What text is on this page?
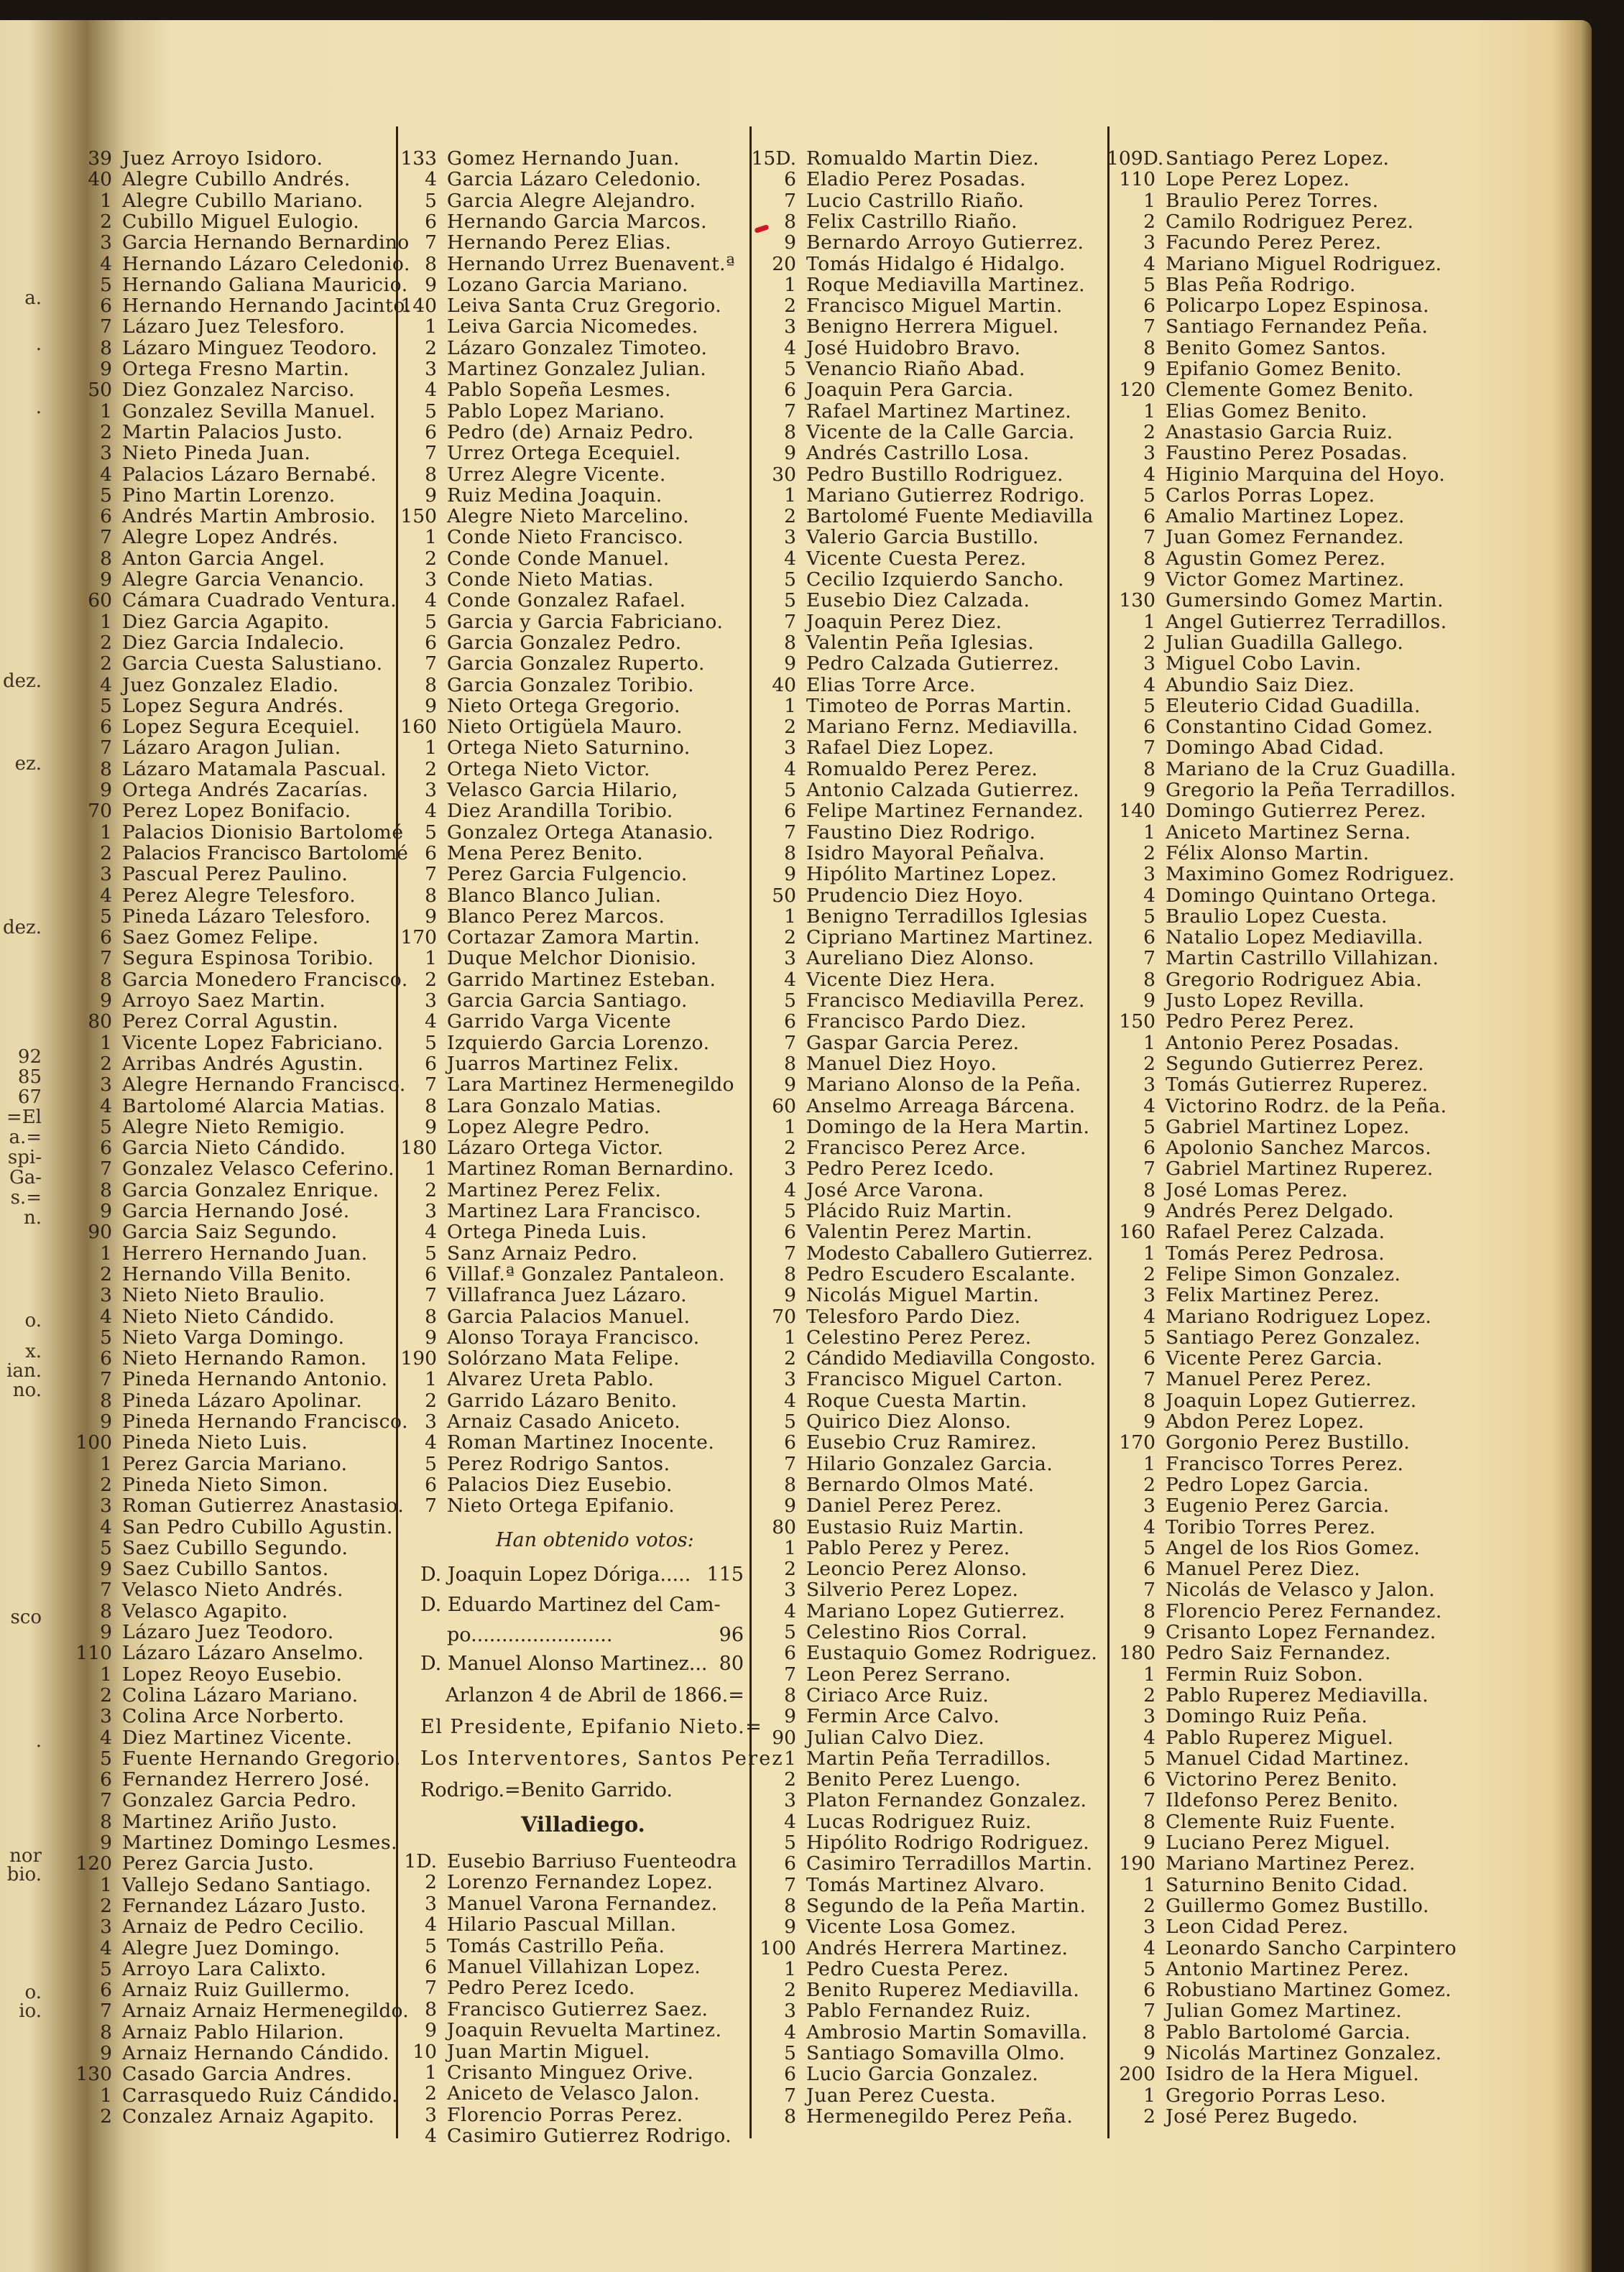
a.
.
.
dez.
ez.
dez.
92
85
67
=El
a.=
spi-
Ga-
s.=
n.
o.
x.
ian.
no.
sco
.
nor
bio.
o.
io.
39 Juez Arroyo Isidoro.
40 Alegre Cubillo Andrés.
1 Alegre Cubillo Mariano.
2 Cubillo Miguel Eulogio.
3 Garcia Hernando Bernardino
4 Hernando Lázaro Celedonio.
5 Hernando Galiana Mauricio.
6 Hernando Hernando Jacinto.
7 Lázaro Juez Telesforo.
8 Lázaro Minguez Teodoro.
9 Ortega Fresno Martin.
50 Diez Gonzalez Narciso.
1 Gonzalez Sevilla Manuel.
2 Martin Palacios Justo.
3 Nieto Pineda Juan.
4 Palacios Lázaro Bernabé.
5 Pino Martin Lorenzo.
6 Andrés Martin Ambrosio.
7 Alegre Lopez Andrés.
8 Anton Garcia Angel.
9 Alegre Garcia Venancio.
60 Cámara Cuadrado Ventura.
1 Diez Garcia Agapito.
2 Diez Garcia Indalecio.
2 Garcia Cuesta Salustiano.
4 Juez Gonzalez Eladio.
5 Lopez Segura Andrés.
6 Lopez Segura Ecequiel.
7 Lázaro Aragon Julian.
8 Lázaro Matamala Pascual.
9 Ortega Andrés Zacarías.
70 Perez Lopez Bonifacio.
1 Palacios Dionisio Bartolomé
2 Palacios Francisco Bartolomé
3 Pascual Perez Paulino.
4 Perez Alegre Telesforo.
5 Pineda Lázaro Telesforo.
6 Saez Gomez Felipe.
7 Segura Espinosa Toribio.
8 Garcia Monedero Francisco.
9 Arroyo Saez Martin.
80 Perez Corral Agustin.
1 Vicente Lopez Fabriciano.
2 Arribas Andrés Agustin.
3 Alegre Hernando Francisco.
4 Bartolomé Alarcia Matias.
5 Alegre Nieto Remigio.
6 Garcia Nieto Cándido.
7 Gonzalez Velasco Ceferino.
8 Garcia Gonzalez Enrique.
9 Garcia Hernando José.
90 Garcia Saiz Segundo.
1 Herrero Hernando Juan.
2 Hernando Villa Benito.
3 Nieto Nieto Braulio.
4 Nieto Nieto Cándido.
5 Nieto Varga Domingo.
6 Nieto Hernando Ramon.
7 Pineda Hernando Antonio.
8 Pineda Lázaro Apolinar.
9 Pineda Hernando Francisco.
100 Pineda Nieto Luis.
1 Perez Garcia Mariano.
2 Pineda Nieto Simon.
3 Roman Gutierrez Anastasio.
4 San Pedro Cubillo Agustin.
5 Saez Cubillo Segundo.
9 Saez Cubillo Santos.
7 Velasco Nieto Andrés.
8 Velasco Agapito.
9 Lázaro Juez Teodoro.
110 Lázaro Lázaro Anselmo.
1 Lopez Reoyo Eusebio.
2 Colina Lázaro Mariano.
3 Colina Arce Norberto.
4 Diez Martinez Vicente.
5 Fuente Hernando Gregorio.
6 Fernandez Herrero José.
7 Gonzalez Garcia Pedro.
8 Martinez Ariño Justo.
9 Martinez Domingo Lesmes.
120 Perez Garcia Justo.
1 Vallejo Sedano Santiago.
2 Fernandez Lázaro Justo.
3 Arnaiz de Pedro Cecilio.
4 Alegre Juez Domingo.
5 Arroyo Lara Calixto.
6 Arnaiz Ruiz Guillermo.
7 Arnaiz Arnaiz Hermenegildo.
8 Arnaiz Pablo Hilarion.
9 Arnaiz Hernando Cándido.
130 Casado Garcia Andres.
1 Carrasquedo Ruiz Cándido.
2 Conzalez Arnaiz Agapito.
133 Gomez Hernando Juan.
4 Garcia Lázaro Celedonio.
5 Garcia Alegre Alejandro.
6 Hernando Garcia Marcos.
7 Hernando Perez Elias.
8 Hernando Urrez Buenavent.ª
9 Lozano Garcia Mariano.
140 Leiva Santa Cruz Gregorio.
1 Leiva Garcia Nicomedes.
2 Lázaro Gonzalez Timoteo.
3 Martinez Gonzalez Julian.
4 Pablo Sopeña Lesmes.
5 Pablo Lopez Mariano.
6 Pedro (de) Arnaiz Pedro.
7 Urrez Ortega Ecequiel.
8 Urrez Alegre Vicente.
9 Ruiz Medina Joaquin.
150 Alegre Nieto Marcelino.
1 Conde Nieto Francisco.
2 Conde Conde Manuel.
3 Conde Nieto Matias.
4 Conde Gonzalez Rafael.
5 Garcia y Garcia Fabriciano.
6 Garcia Gonzalez Pedro.
7 Garcia Gonzalez Ruperto.
8 Garcia Gonzalez Toribio.
9 Nieto Ortega Gregorio.
160 Nieto Ortigüela Mauro.
1 Ortega Nieto Saturnino.
2 Ortega Nieto Victor.
3 Velasco Garcia Hilario,
4 Diez Arandilla Toribio.
5 Gonzalez Ortega Atanasio.
6 Mena Perez Benito.
7 Perez Garcia Fulgencio.
8 Blanco Blanco Julian.
9 Blanco Perez Marcos.
170 Cortazar Zamora Martin.
1 Duque Melchor Dionisio.
2 Garrido Martinez Esteban.
3 Garcia Garcia Santiago.
4 Garrido Varga Vicente
5 Izquierdo Garcia Lorenzo.
6 Juarros Martinez Felix.
7 Lara Martinez Hermenegildo
8 Lara Gonzalo Matias.
9 Lopez Alegre Pedro.
180 Lázaro Ortega Victor.
1 Martinez Roman Bernardino.
2 Martinez Perez Felix.
3 Martinez Lara Francisco.
4 Ortega Pineda Luis.
5 Sanz Arnaiz Pedro.
6 Villaf.ª Gonzalez Pantaleon.
7 Villafranca Juez Lázaro.
8 Garcia Palacios Manuel.
9 Alonso Toraya Francisco.
190 Solórzano Mata Felipe.
1 Alvarez Ureta Pablo.
2 Garrido Lázaro Benito.
3 Arnaiz Casado Aniceto.
4 Roman Martinez Inocente.
5 Perez Rodrigo Santos.
6 Palacios Diez Eusebio.
7 Nieto Ortega Epifanio.
15D. Romualdo Martin Diez.
6 Eladio Perez Posadas.
7 Lucio Castrillo Riaño.
8 Felix Castrillo Riaño.
9 Bernardo Arroyo Gutierrez.
20 Tomás Hidalgo é Hidalgo.
1 Roque Mediavilla Martinez.
2 Francisco Miguel Martin.
3 Benigno Herrera Miguel.
4 José Huidobro Bravo.
5 Venancio Riaño Abad.
6 Joaquin Pera Garcia.
7 Rafael Martinez Martinez.
8 Vicente de la Calle Garcia.
9 Andrés Castrillo Losa.
30 Pedro Bustillo Rodriguez.
1 Mariano Gutierrez Rodrigo.
2 Bartolomé Fuente Mediavilla
3 Valerio Garcia Bustillo.
4 Vicente Cuesta Perez.
5 Cecilio Izquierdo Sancho.
5 Eusebio Diez Calzada.
7 Joaquin Perez Diez.
8 Valentin Peña Iglesias.
9 Pedro Calzada Gutierrez.
40 Elias Torre Arce.
1 Timoteo de Porras Martin.
2 Mariano Fernz. Mediavilla.
3 Rafael Diez Lopez.
4 Romualdo Perez Perez.
5 Antonio Calzada Gutierrez.
6 Felipe Martinez Fernandez.
7 Faustino Diez Rodrigo.
8 Isidro Mayoral Peñalva.
9 Hipólito Martinez Lopez.
50 Prudencio Diez Hoyo.
1 Benigno Terradillos Iglesias
2 Cipriano Martinez Martinez.
3 Aureliano Diez Alonso.
4 Vicente Diez Hera.
5 Francisco Mediavilla Perez.
6 Francisco Pardo Diez.
7 Gaspar Garcia Perez.
8 Manuel Diez Hoyo.
9 Mariano Alonso de la Peña.
60 Anselmo Arreaga Bárcena.
1 Domingo de la Hera Martin.
2 Francisco Perez Arce.
3 Pedro Perez Icedo.
4 José Arce Varona.
5 Plácido Ruiz Martin.
6 Valentin Perez Martin.
7 Modesto Caballero Gutierrez.
8 Pedro Escudero Escalante.
9 Nicolás Miguel Martin.
70 Telesforo Pardo Diez.
1 Celestino Perez Perez.
2 Cándido Mediavilla Congosto.
3 Francisco Miguel Carton.
4 Roque Cuesta Martin.
5 Quirico Diez Alonso.
6 Eusebio Cruz Ramirez.
7 Hilario Gonzalez Garcia.
8 Bernardo Olmos Maté.
9 Daniel Perez Perez.
80 Eustasio Ruiz Martin.
1 Pablo Perez y Perez.
2 Leoncio Perez Alonso.
3 Silverio Perez Lopez.
4 Mariano Lopez Gutierrez.
5 Celestino Rios Corral.
6 Eustaquio Gomez Rodriguez.
7 Leon Perez Serrano.
8 Ciriaco Arce Ruiz.
9 Fermin Arce Calvo.
90 Julian Calvo Diez.
1 Martin Peña Terradillos.
2 Benito Perez Luengo.
3 Platon Fernandez Gonzalez.
4 Lucas Rodriguez Ruiz.
5 Hipólito Rodrigo Rodriguez.
6 Casimiro Terradillos Martin.
7 Tomás Martinez Alvaro.
8 Segundo de la Peña Martin.
9 Vicente Losa Gomez.
100 Andrés Herrera Martinez.
1 Pedro Cuesta Perez.
2 Benito Ruperez Mediavilla.
3 Pablo Fernandez Ruiz.
4 Ambrosio Martin Somavilla.
5 Santiago Somavilla Olmo.
6 Lucio Garcia Gonzalez.
7 Juan Perez Cuesta.
8 Hermenegildo Perez Peña.
109D. Santiago Perez Lopez.
110 Lope Perez Lopez.
1 Braulio Perez Torres.
2 Camilo Rodriguez Perez.
3 Facundo Perez Perez.
4 Mariano Miguel Rodriguez.
5 Blas Peña Rodrigo.
6 Policarpo Lopez Espinosa.
7 Santiago Fernandez Peña.
8 Benito Gomez Santos.
9 Epifanio Gomez Benito.
120 Clemente Gomez Benito.
1 Elias Gomez Benito.
2 Anastasio Garcia Ruiz.
3 Faustino Perez Posadas.
4 Higinio Marquina del Hoyo.
5 Carlos Porras Lopez.
6 Amalio Martinez Lopez.
7 Juan Gomez Fernandez.
8 Agustin Gomez Perez.
9 Victor Gomez Martinez.
130 Gumersindo Gomez Martin.
1 Angel Gutierrez Terradillos.
2 Julian Guadilla Gallego.
3 Miguel Cobo Lavin.
4 Abundio Saiz Diez.
5 Eleuterio Cidad Guadilla.
6 Constantino Cidad Gomez.
7 Domingo Abad Cidad.
8 Mariano de la Cruz Guadilla.
9 Gregorio la Peña Terradillos.
140 Domingo Gutierrez Perez.
1 Aniceto Martinez Serna.
2 Félix Alonso Martin.
3 Maximino Gomez Rodriguez.
4 Domingo Quintano Ortega.
5 Braulio Lopez Cuesta.
6 Natalio Lopez Mediavilla.
7 Martin Castrillo Villahizan.
8 Gregorio Rodriguez Abia.
9 Justo Lopez Revilla.
150 Pedro Perez Perez.
1 Antonio Perez Posadas.
2 Segundo Gutierrez Perez.
3 Tomás Gutierrez Ruperez.
4 Victorino Rodrz. de la Peña.
5 Gabriel Martinez Lopez.
6 Apolonio Sanchez Marcos.
7 Gabriel Martinez Ruperez.
8 José Lomas Perez.
9 Andrés Perez Delgado.
160 Rafael Perez Calzada.
1 Tomás Perez Pedrosa.
2 Felipe Simon Gonzalez.
3 Felix Martinez Perez.
4 Mariano Rodriguez Lopez.
5 Santiago Perez Gonzalez.
6 Vicente Perez Garcia.
7 Manuel Perez Perez.
8 Joaquin Lopez Gutierrez.
9 Abdon Perez Lopez.
170 Gorgonio Perez Bustillo.
1 Francisco Torres Perez.
2 Pedro Lopez Garcia.
3 Eugenio Perez Garcia.
4 Toribio Torres Perez.
5 Angel de los Rios Gomez.
6 Manuel Perez Diez.
7 Nicolás de Velasco y Jalon.
8 Florencio Perez Fernandez.
9 Crisanto Lopez Fernandez.
180 Pedro Saiz Fernandez.
1 Fermin Ruiz Sobon.
2 Pablo Ruperez Mediavilla.
3 Domingo Ruiz Peña.
4 Pablo Ruperez Miguel.
5 Manuel Cidad Martinez.
6 Victorino Perez Benito.
7 Ildefonso Perez Benito.
8 Clemente Ruiz Fuente.
9 Luciano Perez Miguel.
190 Mariano Martinez Perez.
1 Saturnino Benito Cidad.
2 Guillermo Gomez Bustillo.
3 Leon Cidad Perez.
4 Leonardo Sancho Carpintero
5 Antonio Martinez Perez.
6 Robustiano Martinez Gomez.
7 Julian Gomez Martinez.
8 Pablo Bartolomé Garcia.
9 Nicolás Martinez Gonzalez.
200 Isidro de la Hera Miguel.
1 Gregorio Porras Leso.
2 José Perez Bugedo.
Han obtenido votos:
D. Joaquin Lopez Dóriga..... 115
D. Eduardo Martinez del Cam-
po.......................	96
D. Manuel Alonso Martinez... 80
Arlanzon 4 de Abril de 1866.=
El Presidente, Epifanio Nieto.=
Los Interventores, Santos Perez
Rodrigo.=Benito Garrido.
Villadiego.
1D. Eusebio Barriuso Fuenteodra
2 Lorenzo Fernandez Lopez.
3 Manuel Varona Fernandez.
4 Hilario Pascual Millan.
5 Tomás Castrillo Peña.
6 Manuel Villahizan Lopez.
7 Pedro Perez Icedo.
8 Francisco Gutierrez Saez.
9 Joaquin Revuelta Martinez.
10 Juan Martin Miguel.
1 Crisanto Minguez Orive.
2 Aniceto de Velasco Jalon.
3 Florencio Porras Perez.
4 Casimiro Gutierrez Rodrigo.
